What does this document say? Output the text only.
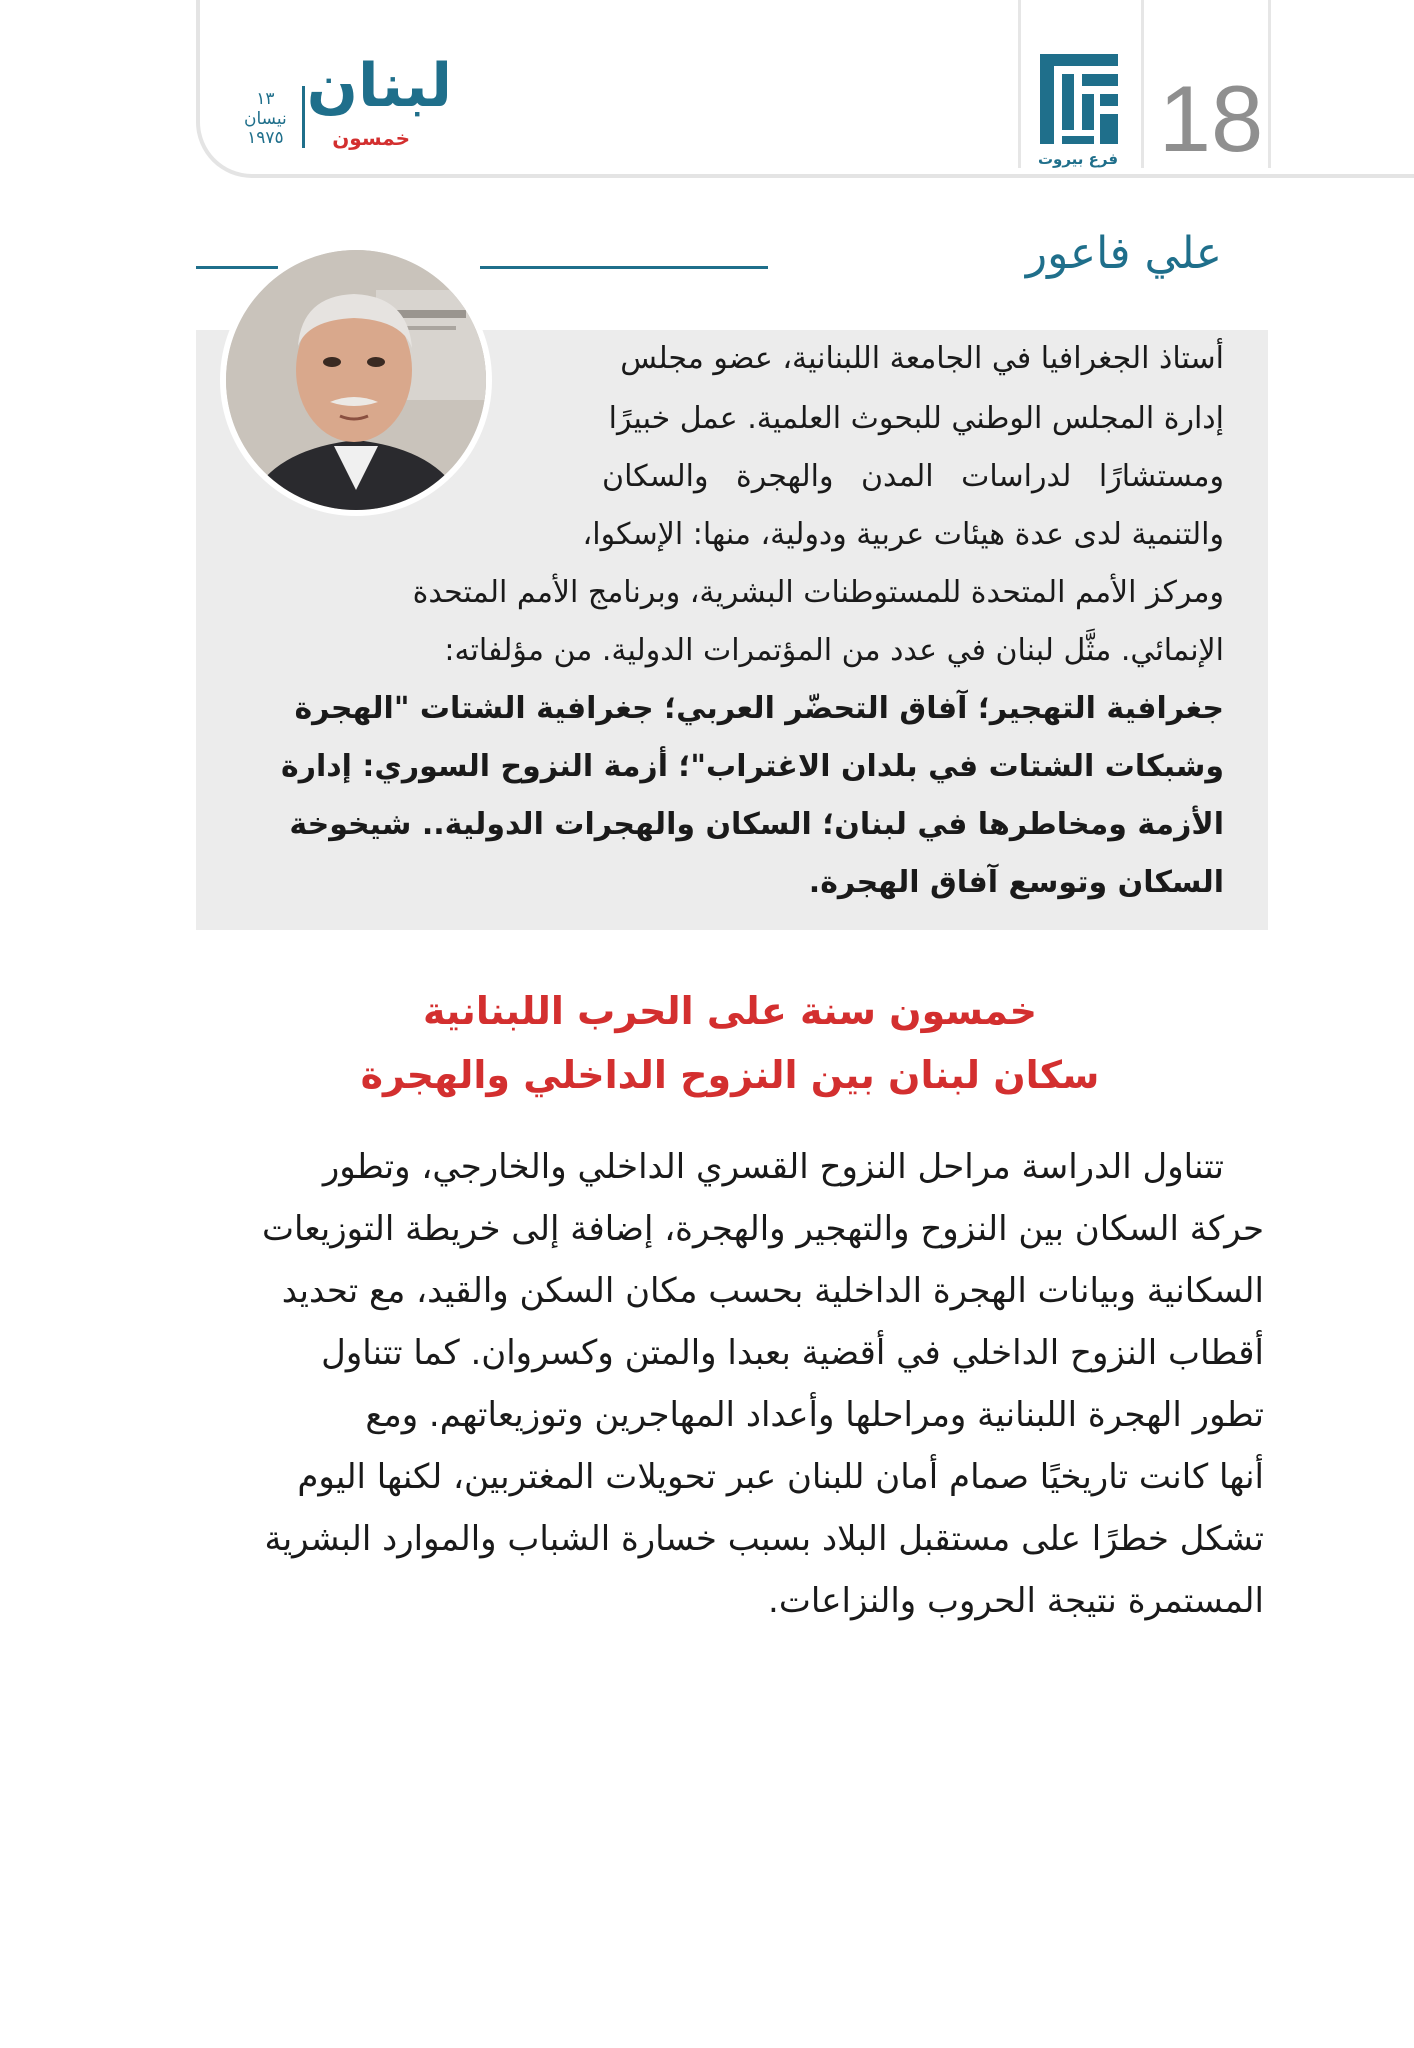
18
فرع بيروت
لبنان
خمسون
١٣
نيسان
١٩٧٥
علي فاعور
أستاذ الجغرافيا في الجامعة اللبنانية، عضو مجلس
إدارة المجلس الوطني للبحوث العلمية. عمل خبيرًا
ومستشارًا لدراسات المدن والهجرة والسكان
والتنمية لدى عدة هيئات عربية ودولية، منها: الإسكوا،
ومركز الأمم المتحدة للمستوطنات البشرية، وبرنامج الأمم المتحدة
الإنمائي. مثَّل لبنان في عدد من المؤتمرات الدولية. من مؤلفاته:
جغرافية التهجير؛ آفاق التحضّر العربي؛ جغرافية الشتات "الهجرة
وشبكات الشتات في بلدان الاغتراب"؛ أزمة النزوح السوري: إدارة
الأزمة ومخاطرها في لبنان؛ السكان والهجرات الدولية.. شيخوخة
السكان وتوسع آفاق الهجرة.
خمسون سنة على الحرب اللبنانية
سكان لبنان بين النزوح الداخلي والهجرة
تتناول الدراسة مراحل النزوح القسري الداخلي والخارجي، وتطور
حركة السكان بين النزوح والتهجير والهجرة، إضافة إلى خريطة التوزيعات
السكانية وبيانات الهجرة الداخلية بحسب مكان السكن والقيد، مع تحديد
أقطاب النزوح الداخلي في أقضية بعبدا والمتن وكسروان. كما تتناول
تطور الهجرة اللبنانية ومراحلها وأعداد المهاجرين وتوزيعاتهم. ومع
أنها كانت تاريخيًا صمام أمان للبنان عبر تحويلات المغتربين، لكنها اليوم
تشكل خطرًا على مستقبل البلاد بسبب خسارة الشباب والموارد البشرية
المستمرة نتيجة الحروب والنزاعات.
